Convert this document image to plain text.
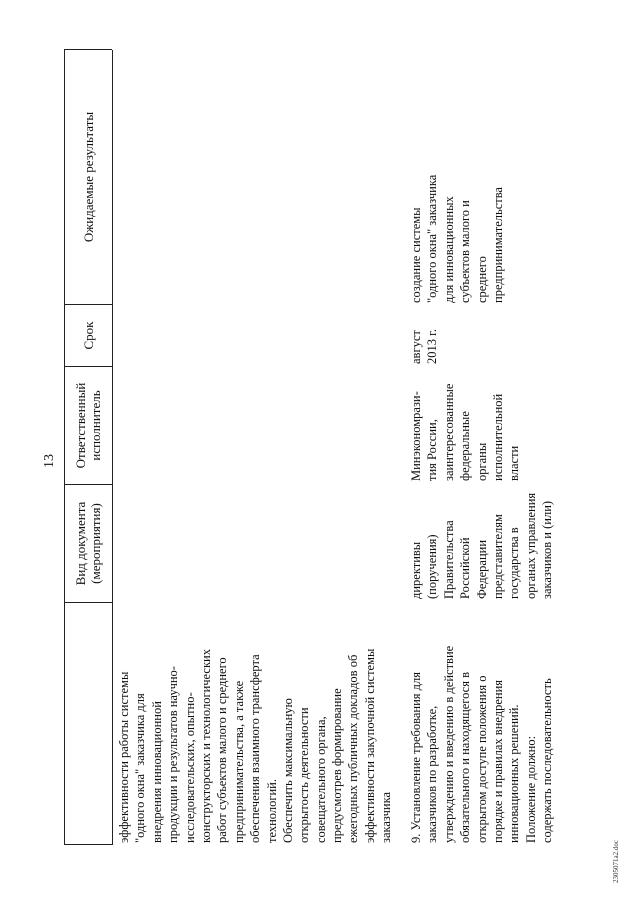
13
Вид документа (мероприятия)
Ответственный исполнитель
Срок
Ожидаемые результаты
эффективности работы системы "одного окна" заказчика для внедрения инновационной продукции и результатов научно- исследовательских, опытно- конструкторских и технологических работ субъектов малого и среднего предпринимательства, а также обеспечения взаимного трансферта технологий. Обеспечить максимальную открытость деятельности совещательного органа, предусмотрев формирование ежегодных публичных докладов об эффективности закупочной системы заказчика 9. Установление требования для заказчиков по разработке, утверждению и введению в действие обязательного и находящегося в открытом доступе положения о порядке и правилах внедрения инновационных решений. Положение должно: содержать последовательность
директивы (поручения) Правительства Российской Федерации представителям государства в органах управления заказчиков и (или)
Минэкономрази- тия России, заинтересованные федеральные органы исполнительной власти
август 2013 г.
создание системы "одного окна" заказчика для инновационных субъектов малого и среднего предпринимательства
2305071a2.doc
